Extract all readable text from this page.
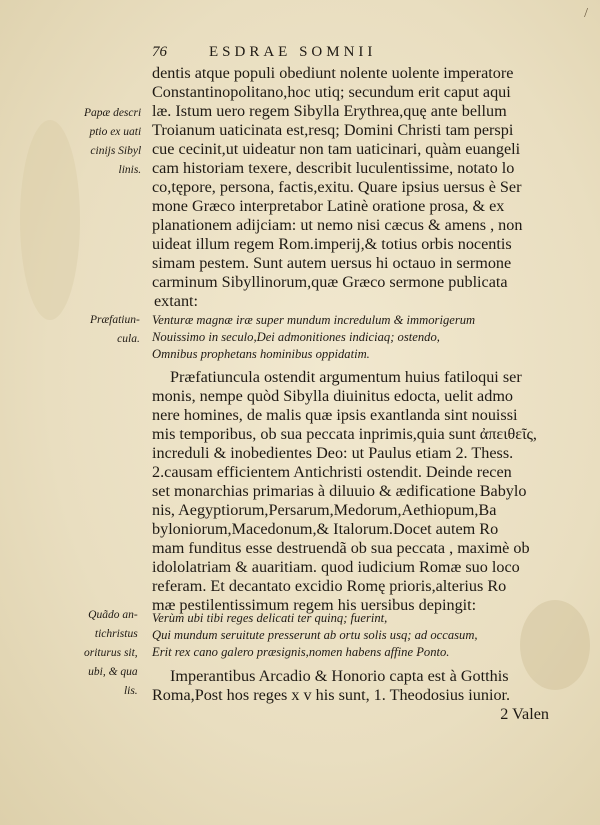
/
76	ESDRAE SOMNII
Papæ descri
ptio ex uati
cinijs Sibyl
linis.
Præfatiun-
cula.
Quãdo an-
tichristus
oriturus sit,
ubi, & qua
lis.
dentis atque populi obediunt nolente uolente imperatore
Constantinopolitano,hoc utiq; secundum erit caput aqui
læ. Istum uero regem Sibylla Erythrea,quę ante bellum
Troianum uaticinata est,resq; Domini Christi tam perspi
cue cecinit,ut uideatur non tam uaticinari, quàm euangeli
cam historiam texere, describit luculentissime, notato lo
co,tępore, persona, factis,exitu. Quare ipsius uersus è Ser
mone Græco interpretabor Latinè oratione prosa, & ex
planationem adijciam: ut nemo nisi cæcus & amens , non
uideat illum regem Rom.imperij,& totius orbis nocentis
simam pestem. Sunt autem uersus hi octauo in sermone
carminum Sibyllinorum,quæ Græco sermone publicata
extant:
Venturæ magnæ iræ super mundum incredulum & immorigerum
Nouissimo in seculo,Dei admonitiones indiciaq; ostendo,
Omnibus prophetans hominibus oppidatim.
Præfatiuncula ostendit argumentum huius fatiloqui ser
monis, nempe quòd Sibylla diuinitus edocta, uelit admo
nere homines, de malis quæ ipsis exantlanda sint nouissi
mis temporibus, ob sua peccata inprimis,quia sunt ἀπειθεῖς,
increduli & inobedientes Deo: ut Paulus etiam 2. Thess.
2.causam efficientem Antichristi ostendit. Deinde recen
set monarchias primarias à diluuio & ædificatione Babylo
nis, Aegyptiorum,Persarum,Medorum,Aethiopum,Ba
byloniorum,Macedonum,& Italorum.Docet autem Ro
mam funditus esse destruendã ob sua peccata , maximè ob
idololatriam & auaritiam. quod iudicium Romæ suo loco
referam. Et decantato excidio Romę prioris,alterius Ro
mæ pestilentissimum regem his uersibus depingit:
Verùm ubi tibi reges delicati ter quinq; fuerint,
Qui mundum seruitute presserunt ab ortu solis usq; ad occasum,
Erit rex cano galero præsignis,nomen habens affine Ponto.
Imperantibus Arcadio & Honorio capta est à Gotthis
Roma,Post hos reges x v his sunt, 1. Theodosius iunior.
2 Valen
